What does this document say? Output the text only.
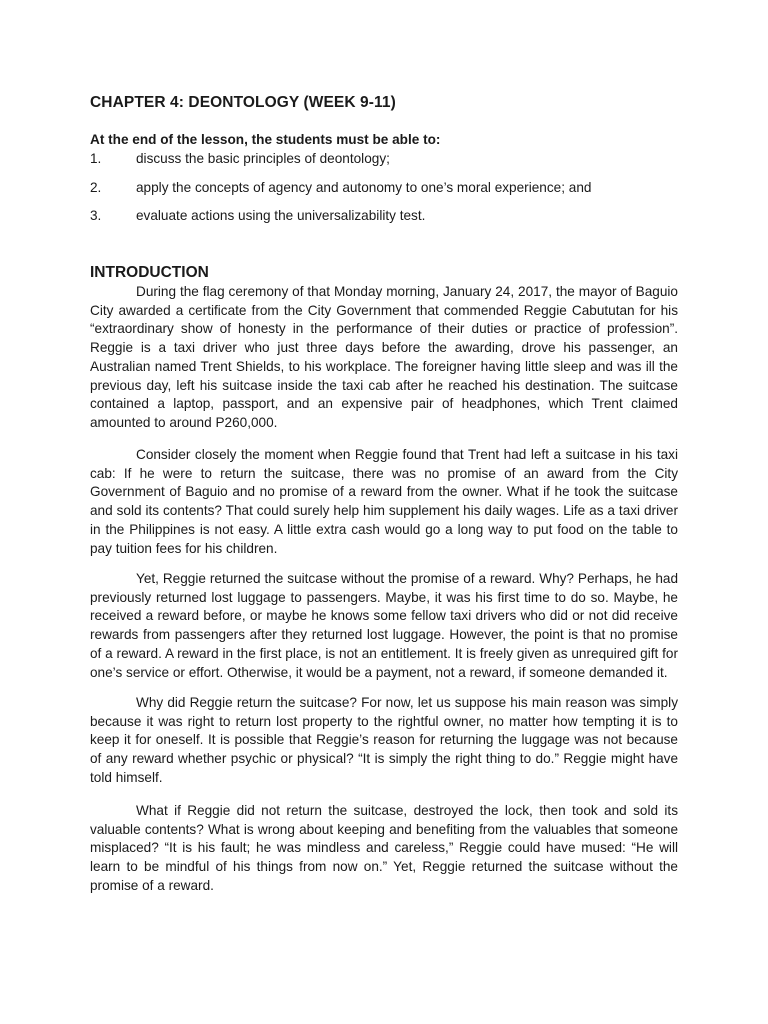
CHAPTER 4: DEONTOLOGY (WEEK 9-11)

At the end of the lesson, the students must be able to:

1.	discuss the basic principles of deontology;
2.	apply the concepts of agency and autonomy to one’s moral experience; and
3.	evaluate actions using the universalizability test.
INTRODUCTION

During the flag ceremony of that Monday morning, January 24, 2017, the mayor of Baguio City awarded a certificate from the City Government that commended Reggie Cabututan for his “extraordinary show of honesty in the performance of their duties or practice of profession”. Reggie is a taxi driver who just three days before the awarding, drove his passenger, an Australian named Trent Shields, to his workplace. The foreigner having little sleep and was ill the previous day, left his suitcase inside the taxi cab after he reached his destination. The suitcase contained a laptop, passport, and an expensive pair of headphones, which Trent claimed amounted to around P260,000.

Consider closely the moment when Reggie found that Trent had left a suitcase in his taxi cab: If he were to return the suitcase, there was no promise of an award from the City Government of Baguio and no promise of a reward from the owner. What if he took the suitcase and sold its contents? That could surely help him supplement his daily wages. Life as a taxi driver in the Philippines is not easy. A little extra cash would go a long way to put food on the table to pay tuition fees for his children.

Yet, Reggie returned the suitcase without the promise of a reward. Why? Perhaps, he had previously returned lost luggage to passengers. Maybe, it was his first time to do so. Maybe, he received a reward before, or maybe he knows some fellow taxi drivers who did or not did receive rewards from passengers after they returned lost luggage. However, the point is that no promise of a reward. A reward in the first place, is not an entitlement. It is freely given as unrequired gift for one’s service or effort. Otherwise, it would be a payment, not a reward, if someone demanded it.

Why did Reggie return the suitcase? For now, let us suppose his main reason was simply because it was right to return lost property to the rightful owner, no matter how tempting it is to keep it for oneself. It is possible that Reggie’s reason for returning the luggage was not because of any reward whether psychic or physical? “It is simply the right thing to do.” Reggie might have told himself.

What if Reggie did not return the suitcase, destroyed the lock, then took and sold its valuable contents? What is wrong about keeping and benefiting from the valuables that someone misplaced? “It is his fault; he was mindless and careless,” Reggie could have mused: “He will learn to be mindful of his things from now on.” Yet, Reggie returned the suitcase without the promise of a reward.
